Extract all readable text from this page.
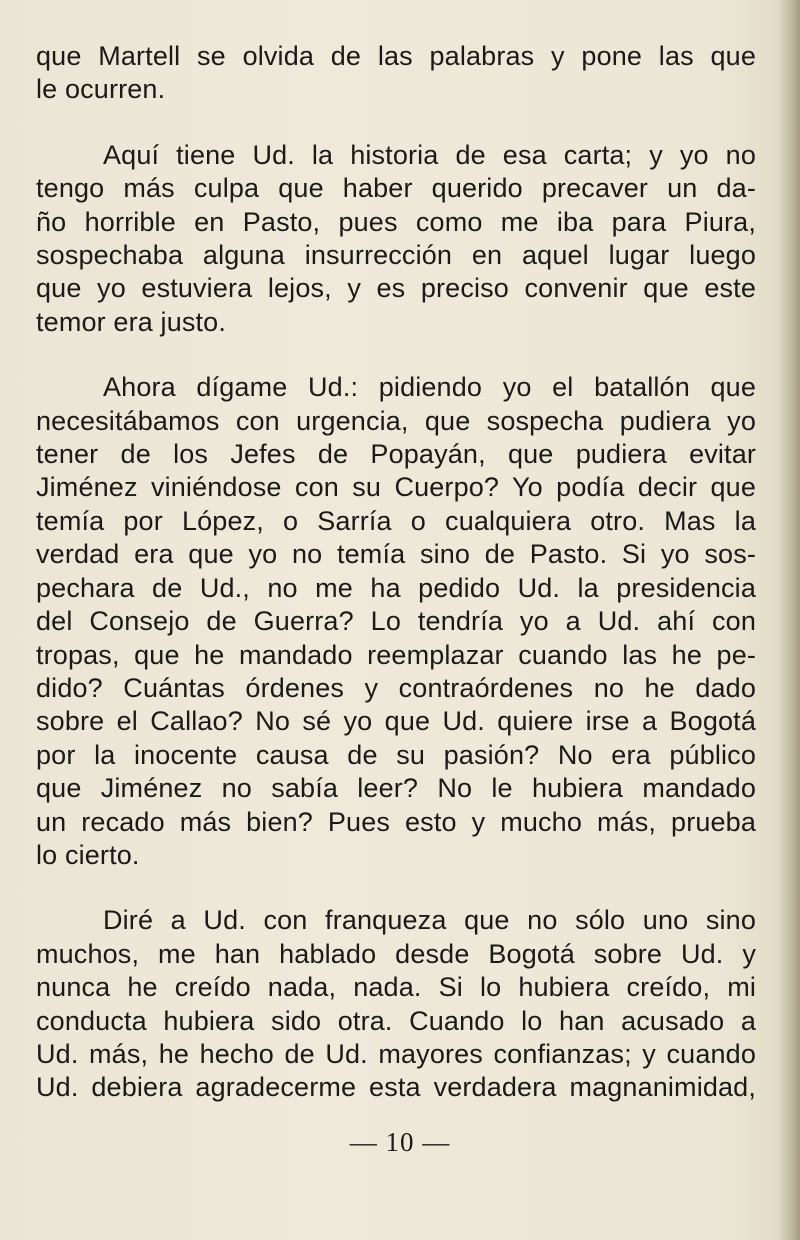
que Martell se olvida de las palabras y pone las que
le ocurren.

Aquí tiene Ud. la historia de esa carta; y yo no
tengo más culpa que haber querido precaver un da-
ño horrible en Pasto, pues como me iba para Piura,
sospechaba alguna insurrección en aquel lugar luego
que yo estuviera lejos, y es preciso convenir que este
temor era justo.

Ahora dígame Ud.: pidiendo yo el batallón que
necesitábamos con urgencia, que sospecha pudiera yo
tener de los Jefes de Popayán, que pudiera evitar
Jiménez viniéndose con su Cuerpo? Yo podía decir que
temía por López, o Sarría o cualquiera otro. Mas la
verdad era que yo no temía sino de Pasto. Si yo sos-
pechara de Ud., no me ha pedido Ud. la presidencia
del Consejo de Guerra? Lo tendría yo a Ud. ahí con
tropas, que he mandado reemplazar cuando las he pe-
dido? Cuántas órdenes y contraórdenes no he dado
sobre el Callao? No sé yo que Ud. quiere irse a Bogotá
por la inocente causa de su pasión? No era público
que Jiménez no sabía leer? No le hubiera mandado
un recado más bien? Pues esto y mucho más, prueba
lo cierto.

Diré a Ud. con franqueza que no sólo uno sino
muchos, me han hablado desde Bogotá sobre Ud. y
nunca he creído nada, nada. Si lo hubiera creído, mi
conducta hubiera sido otra. Cuando lo han acusado a
Ud. más, he hecho de Ud. mayores confianzas; y cuando
Ud. debiera agradecerme esta verdadera magnanimidad,

— 10 —
